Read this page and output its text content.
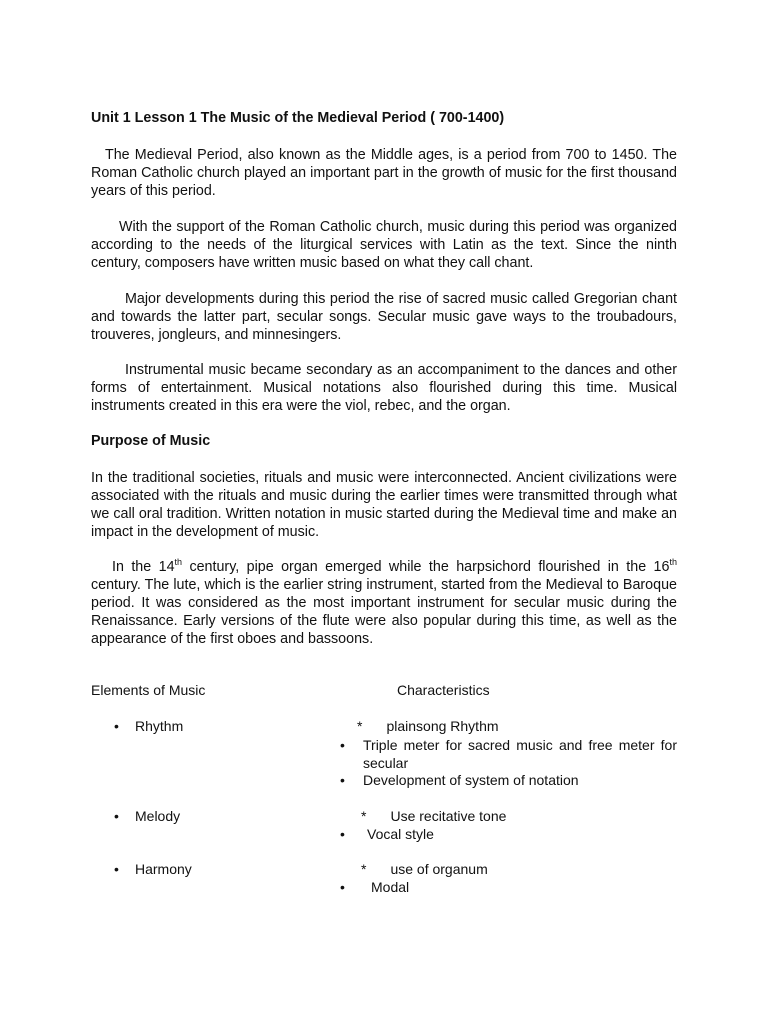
Unit 1 Lesson 1 The Music of the Medieval Period ( 700-1400)
The Medieval Period, also known as the Middle ages, is a period from 700 to 1450. The Roman Catholic church played an important part in the growth of music for the first thousand years of this period.
With the support of the Roman Catholic church, music during this period was organized according to the needs of the liturgical services with Latin as the text. Since the ninth century, composers have written music based on what they call chant.
Major developments during this period the rise of sacred music called Gregorian chant and towards the latter part, secular songs. Secular music gave ways to the troubadours, trouveres, jongleurs, and minnesingers.
Instrumental music became secondary as an accompaniment to the dances and other forms of entertainment. Musical notations also flourished during this time. Musical instruments created in this era were the viol, rebec, and the organ.
Purpose of Music
In the traditional societies, rituals and music were interconnected. Ancient civilizations were associated with the rituals and music during the earlier times were transmitted through what we call oral tradition. Written notation in music started during the Medieval time and make an impact in the development of music.
In the 14th century, pipe organ emerged while the harpsichord flourished in the 16th century. The lute, which is the earlier string instrument, started from the Medieval to Baroque period. It was considered as the most important instrument for secular music during the Renaissance. Early versions of the flute were also popular during this time, as well as the appearance of the first oboes and bassoons.
Elements of Music	Characteristics
• Rhythm	* plainsong Rhythm
•	Triple meter for sacred music and free meter for secular
• Development of system of notation
• Melody	* Use recitative tone
• Vocal style
• Harmony	* use of organum
• Modal
